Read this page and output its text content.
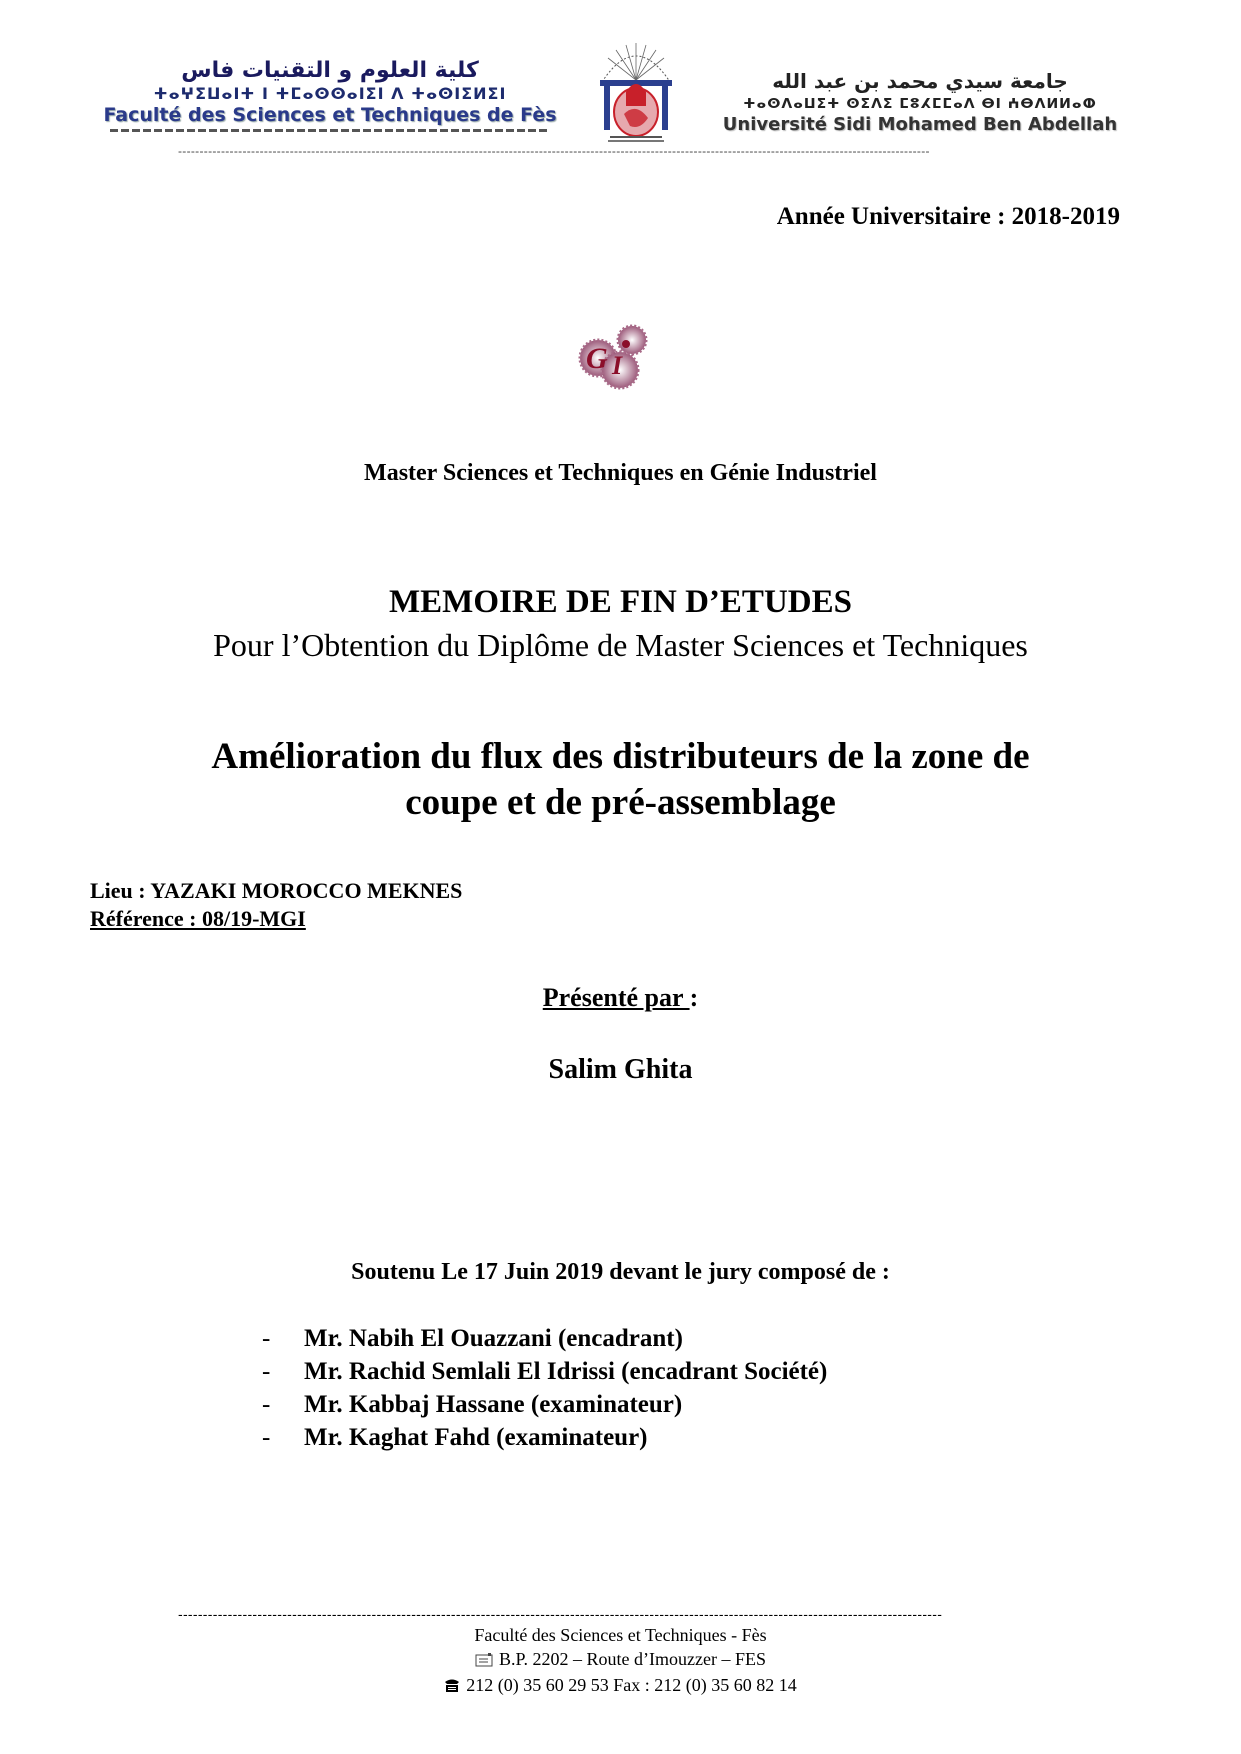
كلية العلوم و التقنيات فاس
ⵜⴰⵖⵉⵡⴰⵏⵜ ⵏ ⵜⵎⴰⵙⵙⴰⵏⵉⵏ ⴷ ⵜⴰⵙⵏⵉⵍⵉⵏ
Faculté des Sciences et Techniques de Fès
جامعة سيدي محمد بن عبد الله
ⵜⴰⵙⴷⴰⵡⵉⵜ ⵙⵉⴷⵉ ⵎⵓⵃⵎⵎⴰⴷ ⴱⵏ ⵄⴱⴷⵍⵍⴰⵀ
Université Sidi Mohamed Ben Abdellah
-------------------------------------------------------------------------------------------------------------------------------------------------------------------------------
Année Universitaire : 2018-2019
G I
Master Sciences et Techniques en Génie Industriel
MEMOIRE DE FIN D’ETUDES
Pour l’Obtention du Diplôme de Master Sciences et Techniques
Amélioration du flux des distributeurs de la zone de
coupe et de pré-assemblage
Lieu : YAZAKI MOROCCO MEKNES
Référence : 08/19-MGI
Présenté par :
Salim Ghita
Soutenu Le 17 Juin 2019 devant le jury composé de :
-	Mr. Nabih El Ouazzani (encadrant)
-	Mr. Rachid Semlali El Idrissi (encadrant Société)
-	Mr. Kabbaj Hassane (examinateur)
-	Mr. Kaghat Fahd (examinateur)
----------------------------------------------------------------------------------------------------------------------------------------------------------
Faculté des Sciences et Techniques - Fès
B.P. 2202 – Route d’Imouzzer – FES
212 (0) 35 60 29 53 Fax : 212 (0) 35 60 82 14
